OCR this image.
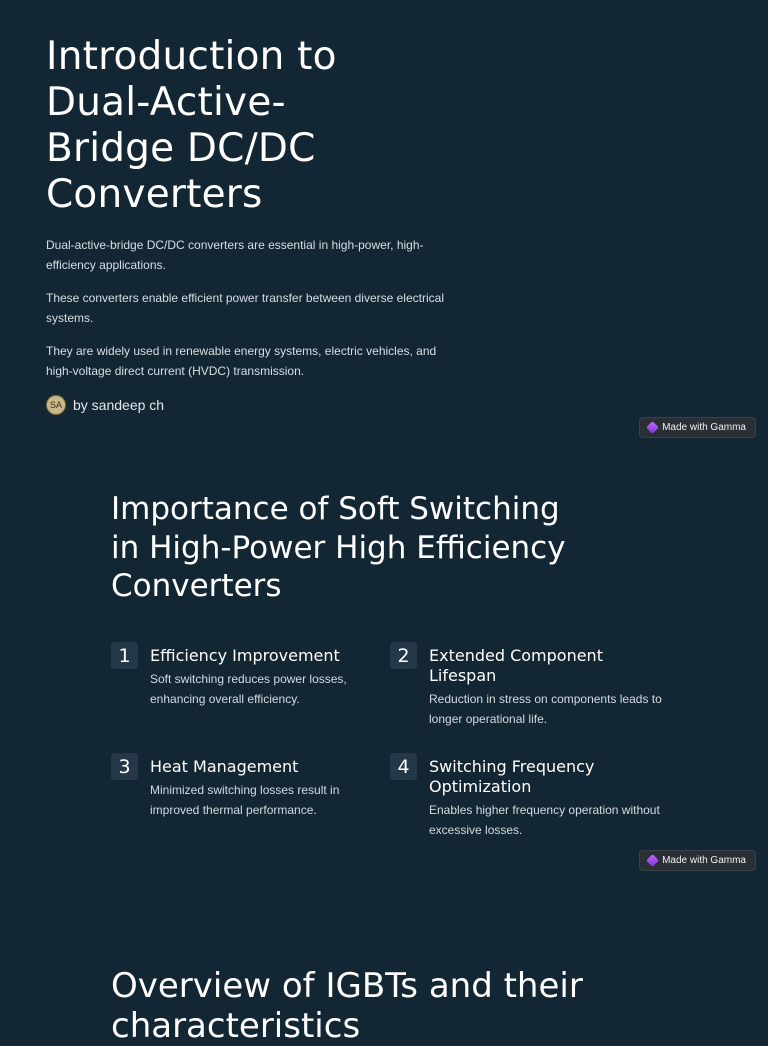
Introduction to
Dual-Active-
Bridge DC/DC
Converters

Dual-active-bridge DC/DC converters are essential in high-power, high-efficiency applications.

These converters enable efficient power transfer between diverse electrical systems.

They are widely used in renewable energy systems, electric vehicles, and high-voltage direct current (HVDC) transmission.

SA by sandeep ch
Made with Gamma
Importance of Soft Switching
in High-Power High Efficiency
Converters
1	Efficiency Improvement
Soft switching reduces power losses, enhancing overall efficiency.
2	Extended Component Lifespan
Reduction in stress on components leads to longer operational life.
3	Heat Management
Minimized switching losses result in improved thermal performance.
4	Switching Frequency Optimization
Enables higher frequency operation without excessive losses.
Made with Gamma
Overview of IGBTs and their
characteristics
